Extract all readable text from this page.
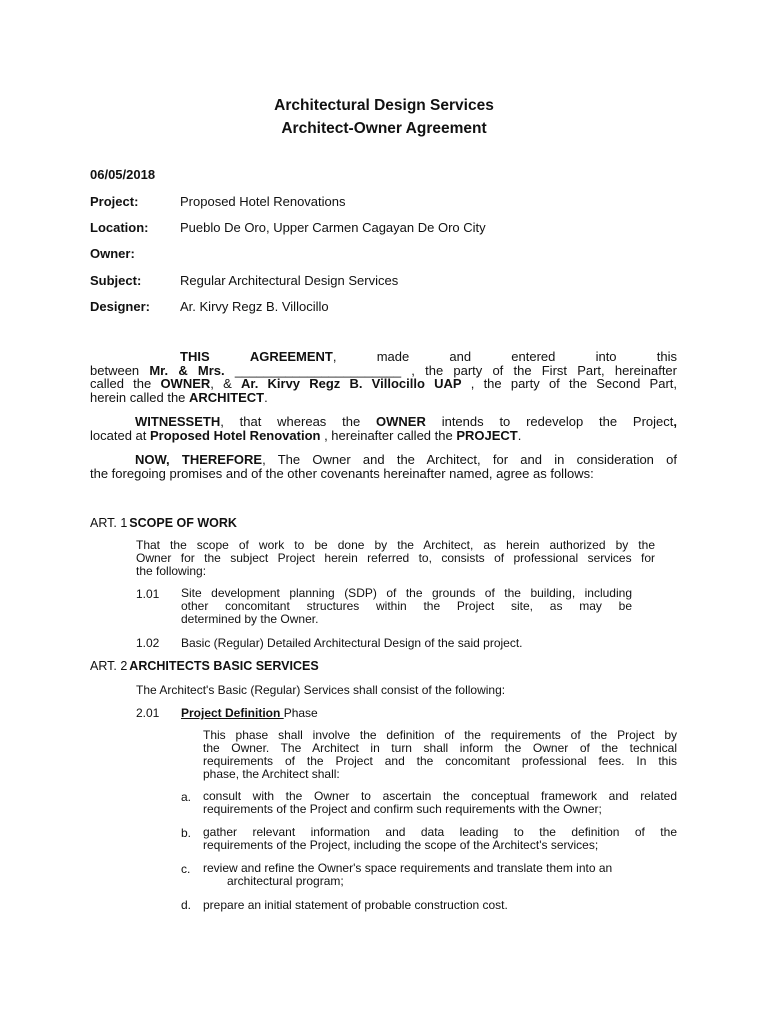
Architectural Design Services
Architect-Owner Agreement
06/05/2018
Project:	Proposed Hotel Renovations
Location: Pueblo De Oro, Upper Carmen Cagayan De Oro City
Owner:
Subject:	Regular Architectural Design Services
Designer: Ar. Kirvy Regz B. Villocillo
THIS	AGREEMENT,	made	and	entered	into	this
between Mr. & Mrs. _______________________ , the party of the First Part, hereinafter
called the OWNER, & Ar. Kirvy Regz B. Villocillo UAP , the party of the Second Part,
herein called the ARCHITECT.
WITNESSETH, that whereas the OWNER intends to redevelop the Project,
located at Proposed Hotel Renovation , hereinafter called the PROJECT.
NOW, THEREFORE, The Owner and the Architect, for and in consideration of
the foregoing promises and of the other covenants hereinafter named, agree as follows:
ART. 1 SCOPE OF WORK
That the scope of work to be done by the Architect, as herein authorized by the
Owner for the subject Project herein referred to, consists of professional services for
the following:
1.01 Site development planning (SDP) of the grounds of the building, including
other concomitant structures within the Project site, as may be
determined by the Owner.
1.02 Basic (Regular) Detailed Architectural Design of the said project.
ART. 2 ARCHITECTS BASIC SERVICES
The Architect's Basic (Regular) Services shall consist of the following:
2.01 Project Definition Phase
This phase shall involve the definition of the requirements of the Project by
the Owner. The Architect in turn shall inform the Owner of the technical
requirements of the Project and the concomitant professional fees. In this
phase, the Architect shall:
a. consult with the Owner to ascertain the conceptual framework and related
requirements of the Project and confirm such requirements with the Owner;
b. gather relevant information and data leading to the definition of the
requirements of the Project, including the scope of the Architect's services;
c. review and refine the Owner's space requirements and translate them into an
architectural program;
d. prepare an initial statement of probable construction cost.
